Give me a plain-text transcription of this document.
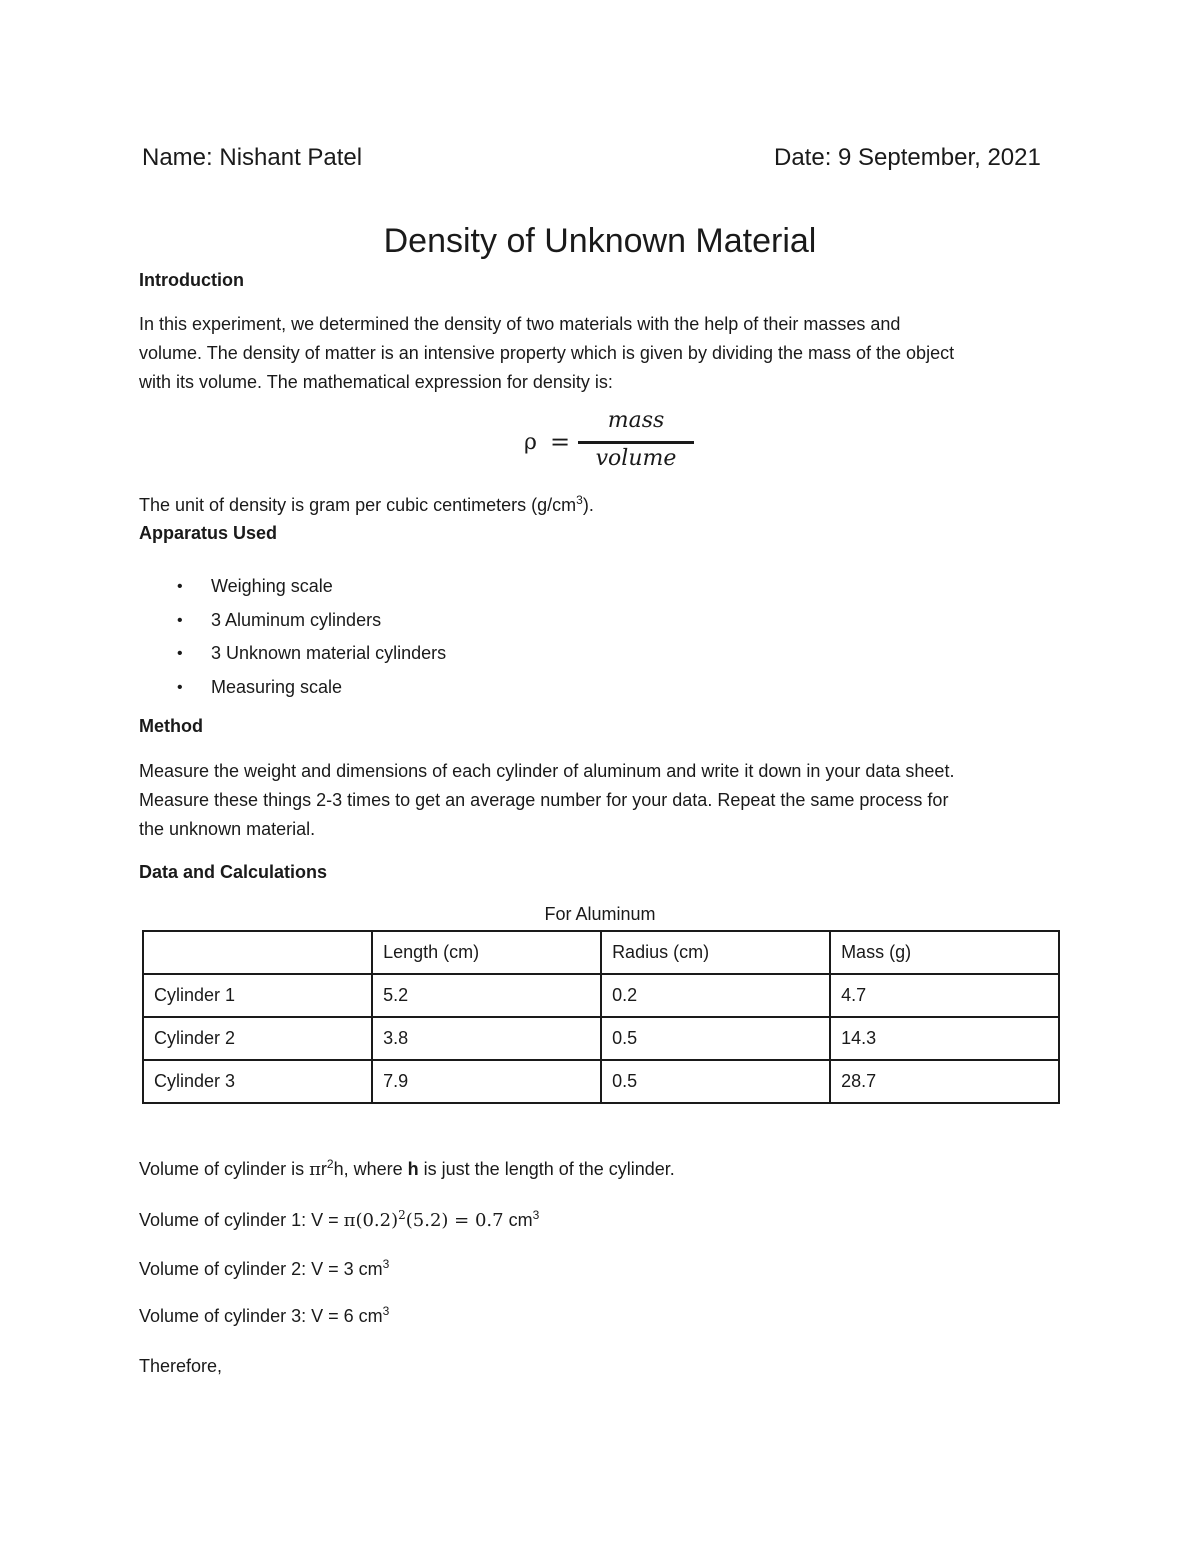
Name: Nishant Patel	Date: 9 September, 2021
Density of Unknown Material
Introduction
In this experiment, we determined the density of two materials with the help of their masses and
volume. The density of matter is an intensive property which is given by dividing the mass of the object
with its volume. The mathematical expression for density is:
ρ =
mass
volume
The unit of density is gram per cubic centimeters $(g/cm^3)$.
Apparatus Used
• Weighing scale
• 3 Aluminum cylinders
• 3 Unknown material cylinders
• Measuring scale
Method
Measure the weight and dimensions of each cylinder of aluminum and write it down in your data sheet.
Measure these things 2-3 times to get an average number for your data. Repeat the same process for
the unknown material.
Data and Calculations
For Aluminum
	Length (cm)	Radius (cm)	Mass (g)
Cylinder 1	5.2	0.2	4.7
Cylinder 2	3.8	0.5	14.3
Cylinder 3	7.9	0.5	28.7
Volume of cylinder is $\pi r^2h$, where h is just the length of the cylinder.
Volume of cylinder 1: $V = \pi(0.2)^2(5.2) = 0.7$ $cm^3$
Volume of cylinder 2: V = 3 $cm^3$
Volume of cylinder 3: V = 6 $cm^3$
Therefore,
